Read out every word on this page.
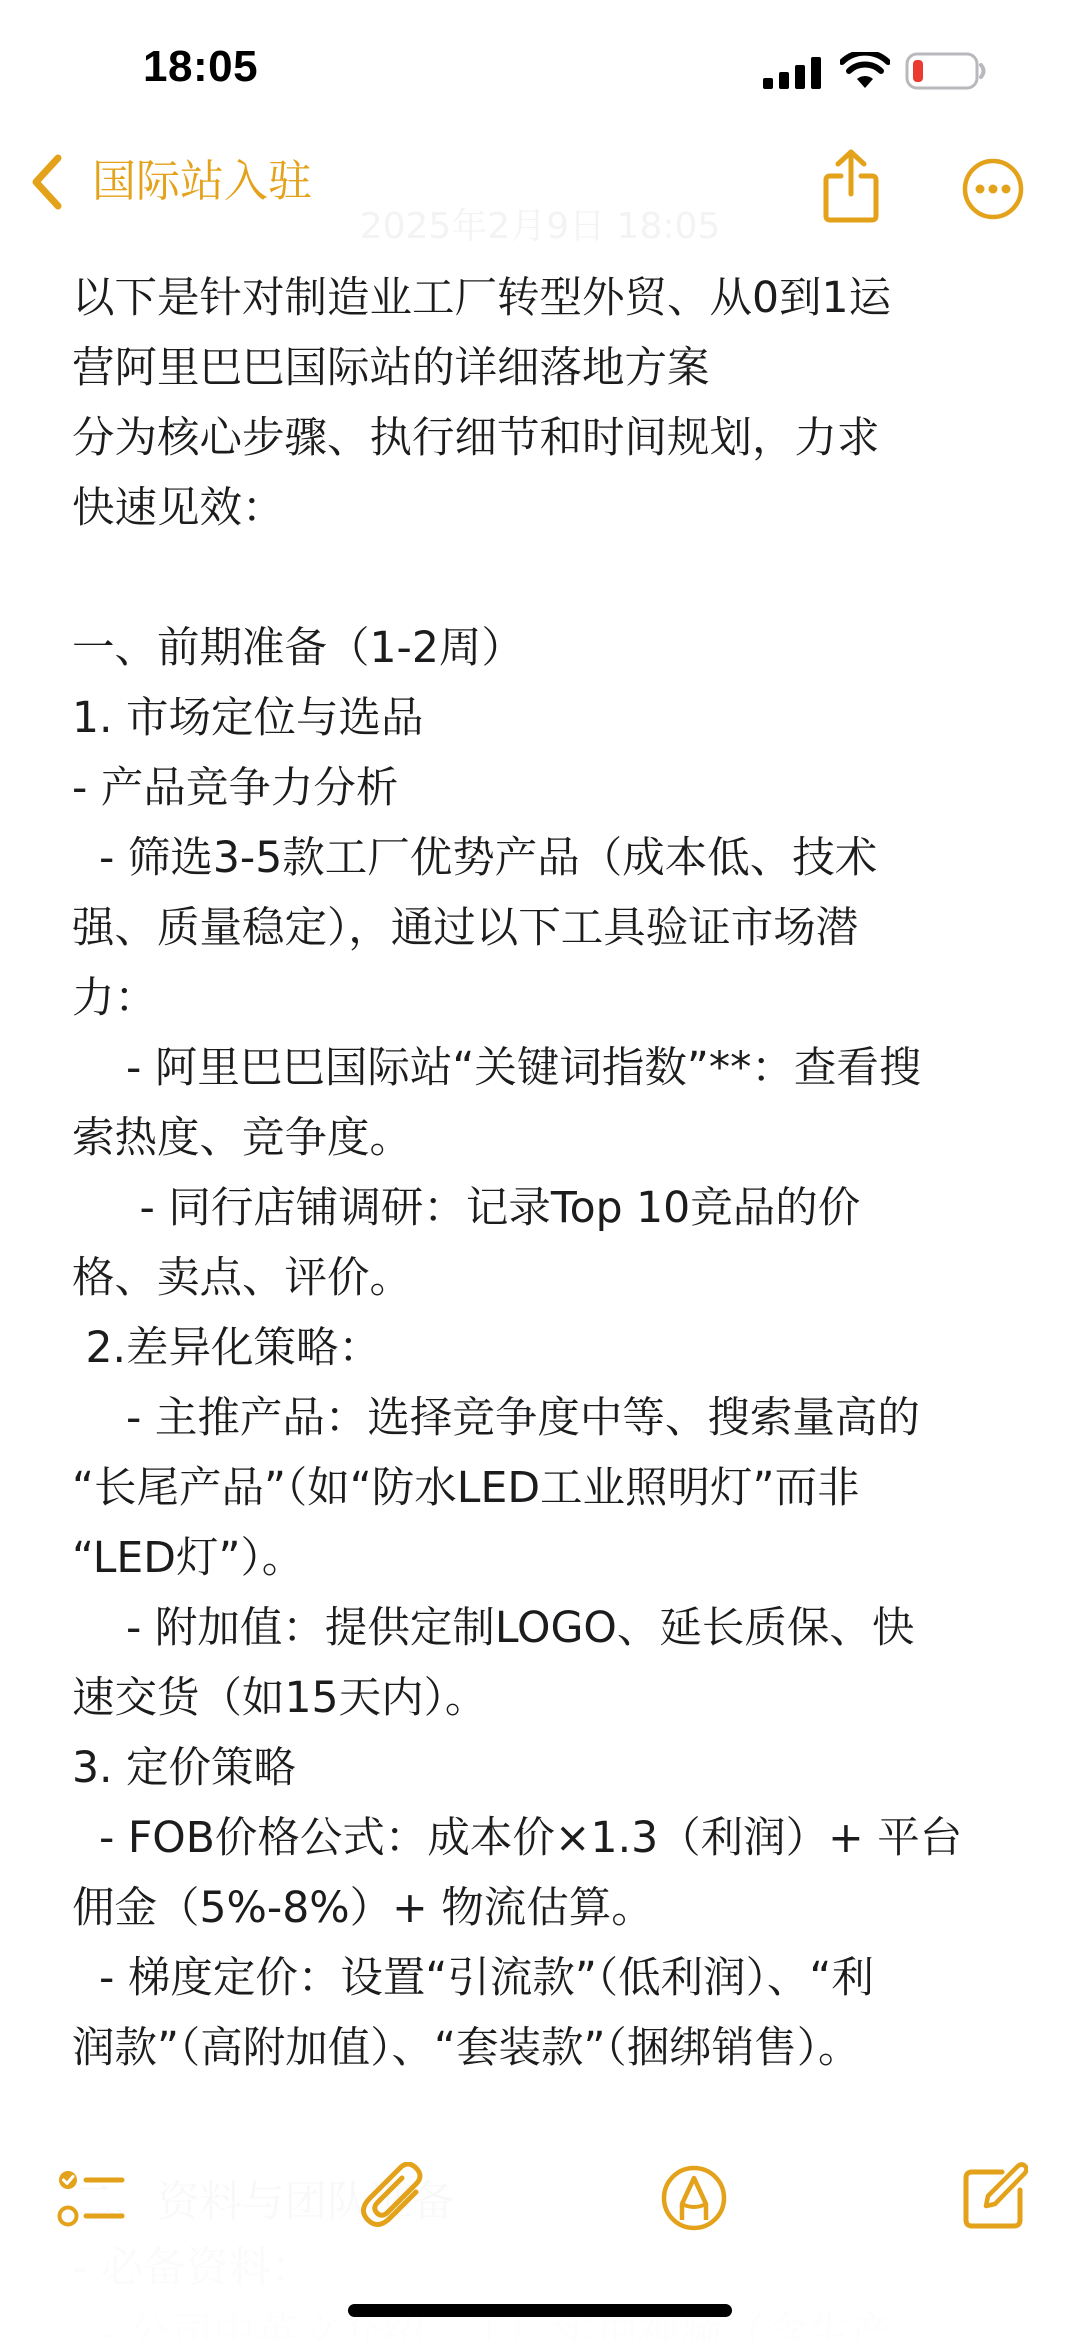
18:05
2025年2月9日 18:05
国际站入驻
以下是针对制造业工厂转型外贸、从0到1运
营阿里巴巴国际站的详细落地方案
分为核心步骤、执行细节和时间规划，力求
快速见效：
一、前期准备（1-2周）
1. 市场定位与选品
- 产品竞争力分析
- 筛选3-5款工厂优势产品（成本低、技术
强、质量稳定），通过以下工具验证市场潜
力：
- 阿里巴巴国际站“关键词指数”**：查看搜
索热度、竞争度。
- 同行店铺调研：记录Top 10竞品的价
格、卖点、评价。
2.差异化策略：
- 主推产品：选择竞争度中等、搜索量高的
“长尾产品”（如“防水LED工业照明灯”而非
“LED灯”）。
- 附加值：提供定制LOGO、延长质保、快
速交货（如15天内）。
3. 定价策略
- FOB价格公式：成本价×1.3（利润）+ 平台
佣金（5%-8%）+ 物流估算。
- 梯度定价：设置“引流款”（低利润）、“利
润款”（高附加值）、“套装款”（捆绑销售）。
